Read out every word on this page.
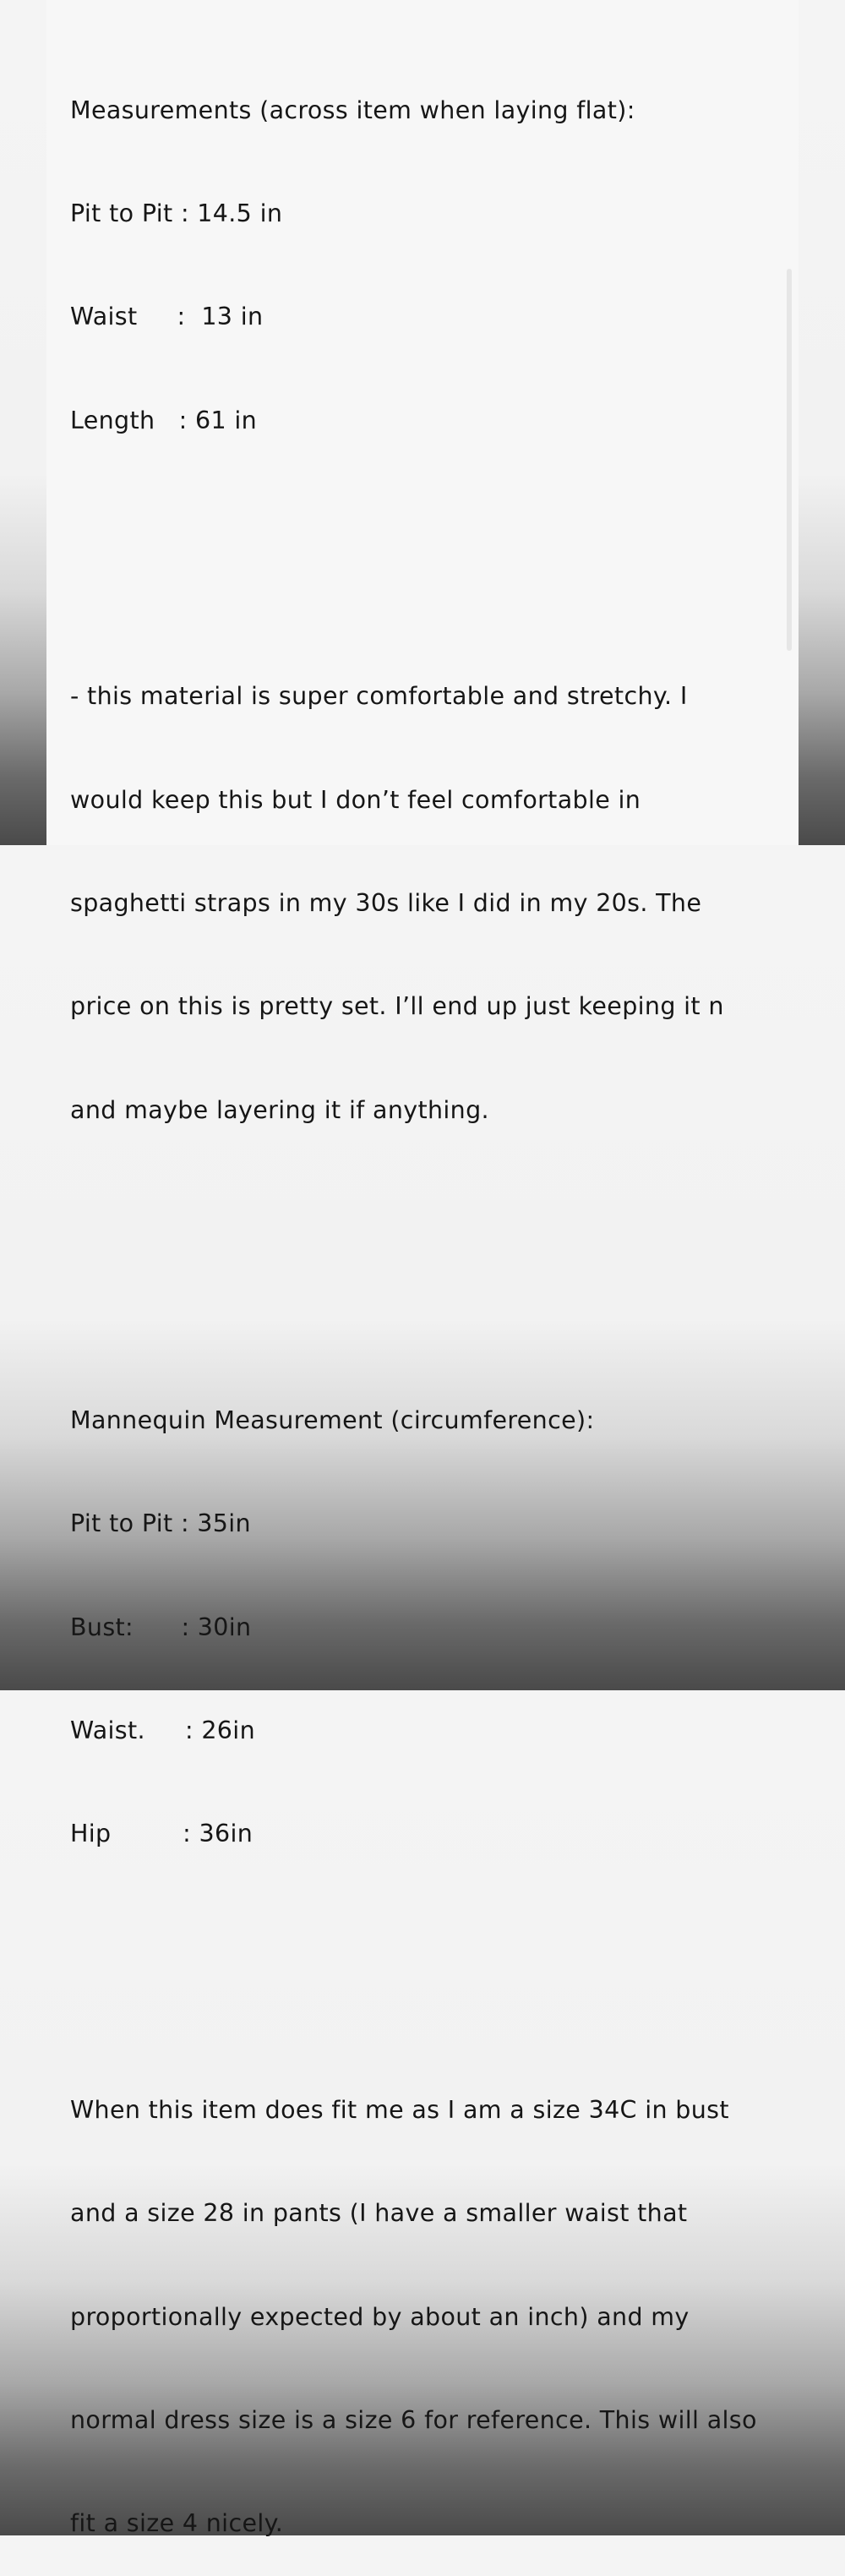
Measurements (across item when laying flat):

Pit to Pit : 14.5 in

Waist     :  13 in

Length   : 61 in

- this material is super comfortable and stretchy. I

would keep this but I don’t feel comfortable in

spaghetti straps in my 30s like I did in my 20s. The

price on this is pretty set. I’ll end up just keeping it n

and maybe layering it if anything.

Mannequin Measurement (circumference):

Pit to Pit : 35in

Bust:      : 30in

Waist.     : 26in

Hip         : 36in

When this item does fit me as I am a size 34C in bust

and a size 28 in pants (I have a smaller waist that

proportionally expected by about an inch) and my

normal dress size is a size 6 for reference. This will also

fit a size 4 nicely.
